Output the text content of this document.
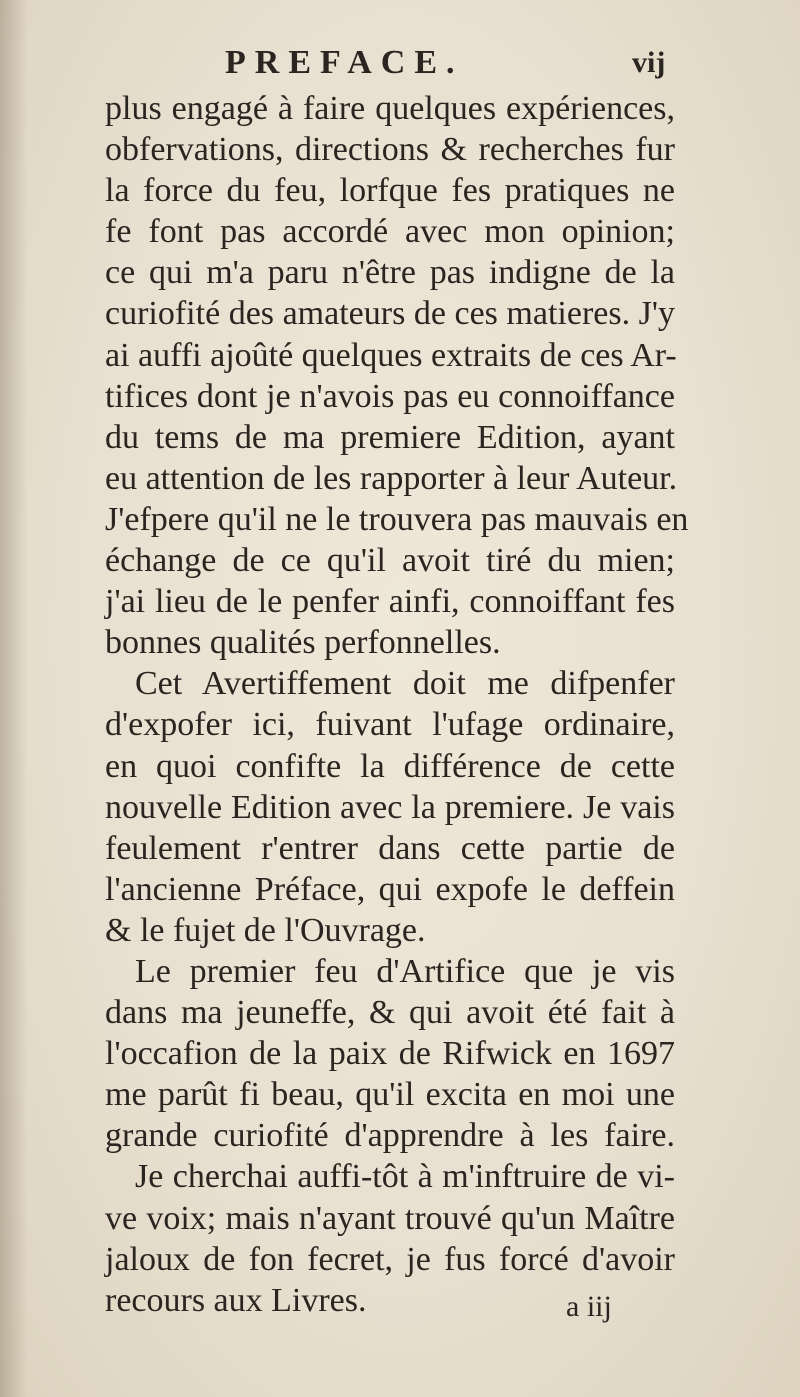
PREFACE.	vij
plus engagé à faire quelques expériences,
obfervations, directions & recherches fur
la force du feu, lorfque fes pratiques ne
fe font pas accordé avec mon opinion;
ce qui m'a paru n'être pas indigne de la
curiofité des amateurs de ces matieres. J'y
ai auffi ajoûté quelques extraits de ces Ar-
tifices dont je n'avois pas eu connoiffance
du tems de ma premiere Edition, ayant
eu attention de les rapporter à leur Auteur.
J'efpere qu'il ne le trouvera pas mauvais en
échange de ce qu'il avoit tiré du mien;
j'ai lieu de le penfer ainfi, connoiffant fes
bonnes qualités perfonnelles.
Cet Avertiffement doit me difpenfer
d'expofer ici, fuivant l'ufage ordinaire,
en quoi confifte la différence de cette
nouvelle Edition avec la premiere. Je vais
feulement r'entrer dans cette partie de
l'ancienne Préface, qui expofe le deffein
& le fujet de l'Ouvrage.
Le premier feu d'Artifice que je vis
dans ma jeuneffe, & qui avoit été fait à
l'occafion de la paix de Rifwick en 1697
me parût fi beau, qu'il excita en moi une
grande curiofité d'apprendre à les faire.
Je cherchai auffi-tôt à m'inftruire de vi-
ve voix; mais n'ayant trouvé qu'un Maître
jaloux de fon fecret, je fus forcé d'avoir
recours aux Livres.	a iij
